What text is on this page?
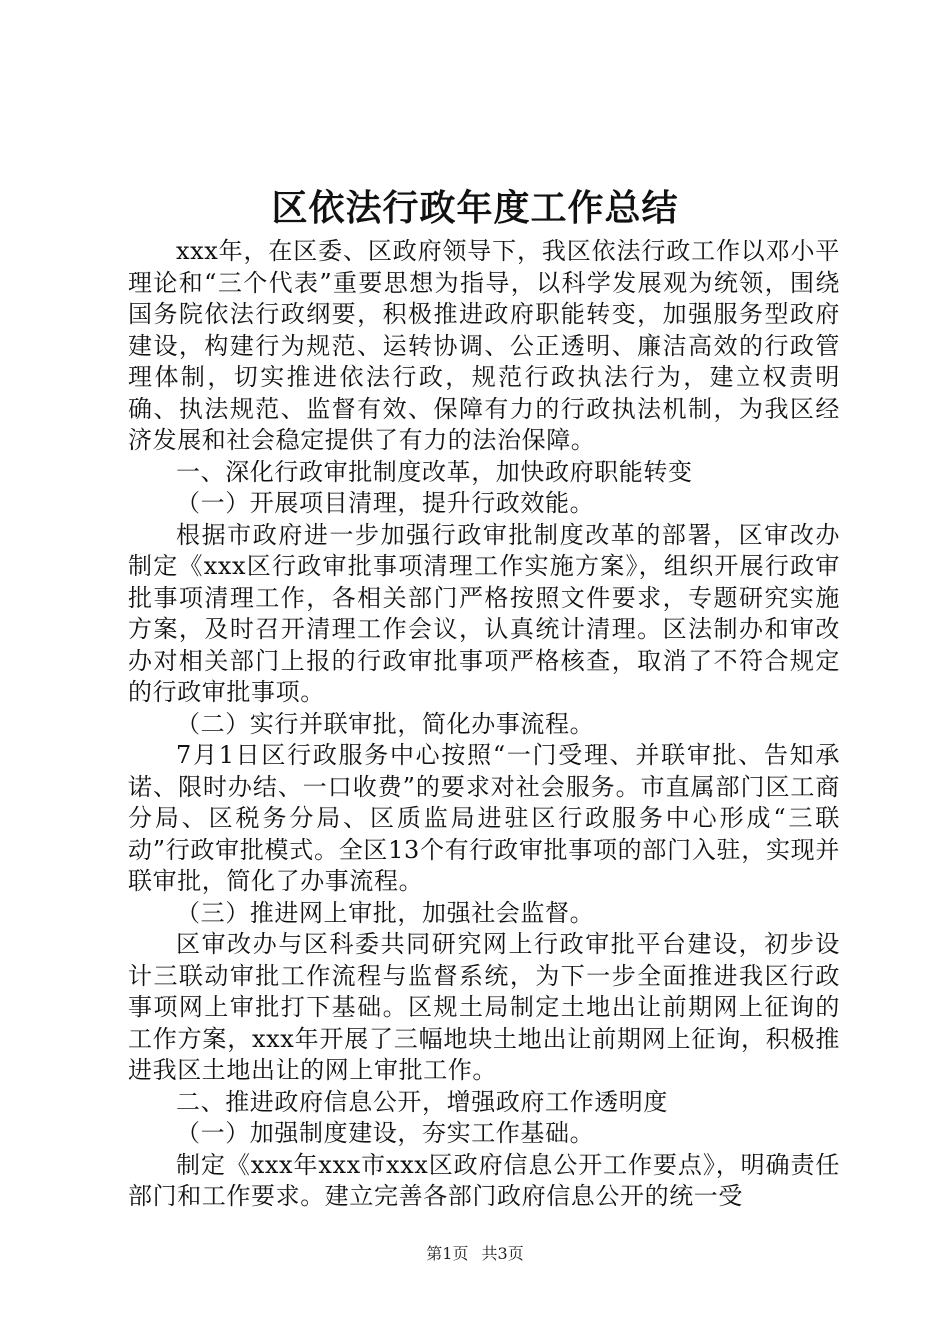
区依法行政年度工作总结

xxx年，在区委、区政府领导下，我区依法行政工作以邓小平理论和“三个代表”重要思想为指导，以科学发展观为统领，围绕国务院依法行政纲要，积极推进政府职能转变，加强服务型政府建设，构建行为规范、运转协调、公正透明、廉洁高效的行政管理体制，切实推进依法行政，规范行政执法行为，建立权责明确、执法规范、监督有效、保障有力的行政执法机制，为我区经济发展和社会稳定提供了有力的法治保障。

一、深化行政审批制度改革，加快政府职能转变

（一）开展项目清理，提升行政效能。

根据市政府进一步加强行政审批制度改革的部署，区审改办制定《xxx区行政审批事项清理工作实施方案》，组织开展行政审批事项清理工作，各相关部门严格按照文件要求，专题研究实施方案，及时召开清理工作会议，认真统计清理。区法制办和审改办对相关部门上报的行政审批事项严格核查，取消了不符合规定的行政审批事项。

（二）实行并联审批，简化办事流程。

7月1日区行政服务中心按照“一门受理、并联审批、告知承诺、限时办结、一口收费”的要求对社会服务。市直属部门区工商分局、区税务分局、区质监局进驻区行政服务中心形成“三联动”行政审批模式。全区13个有行政审批事项的部门入驻，实现并联审批，简化了办事流程。

（三）推进网上审批，加强社会监督。

区审改办与区科委共同研究网上行政审批平台建设，初步设计三联动审批工作流程与监督系统，为下一步全面推进我区行政事项网上审批打下基础。区规土局制定土地出让前期网上征询的工作方案，xxx年开展了三幅地块土地出让前期网上征询，积极推进我区土地出让的网上审批工作。

二、推进政府信息公开，增强政府工作透明度

（一）加强制度建设，夯实工作基础。

制定《xxx年xxx市xxx区政府信息公开工作要点》，明确责任部门和工作要求。建立完善各部门政府信息公开的统一受

第1页 共3页
